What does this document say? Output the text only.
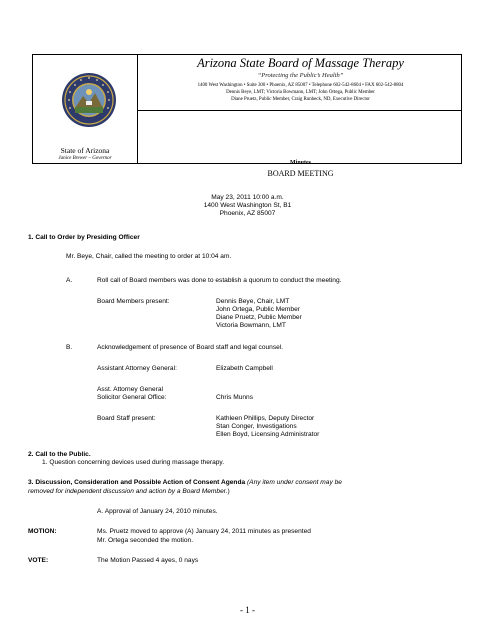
State of Arizona
Janice Brewer – Governor
Arizona State Board of Massage Therapy
“Protecting the Public’s Health”
1400 West Washington • Suite 300 • Phoenix, AZ 85007 • Telephone 602-542-8604 • FAX 602-542-8804
Dennis Beye, LMT; Victoria Bowmann, LMT; John Ortega, Public Member
Diane Pruetz, Public Member, Craig Runbeck, ND, Executive Director
Minutes
BOARD MEETING
May 23, 2011 10:00 a.m.
1400 West Washington St, B1
Phoenix, AZ 85007
1. Call to Order by Presiding Officer
Mr. Beye, Chair, called the meeting to order at 10:04 am.
A.	Roll call of Board members was done to establish a quorum to conduct the meeting.
Board Members present:	Dennis Beye, Chair, LMT
John Ortega, Public Member
Diane Pruetz, Public Member
Victoria Bowmann, LMT
B.	Acknowledgement of presence of Board staff and legal counsel.
Assistant Attorney General:	Elizabeth Campbell
Asst. Attorney General
Solicitor General Office:	Chris Munns
Board Staff present:	Kathleen Phillips, Deputy Director
Stan Conger, Investigations
Ellen Boyd, Licensing Administrator
2. Call to the Public.
1. Question concerning devices used during massage therapy.
3. Discussion, Consideration and Possible Action of Consent Agenda (Any item under consent may be
removed for independent discussion and action by a Board Member.)
A. Approval of January 24, 2010 minutes.
MOTION:	Ms. Pruetz moved to approve (A) January 24, 2011 minutes as presented
Mr. Ortega seconded the motion.
VOTE:	The Motion Passed 4 ayes, 0 nays
- 1 -
